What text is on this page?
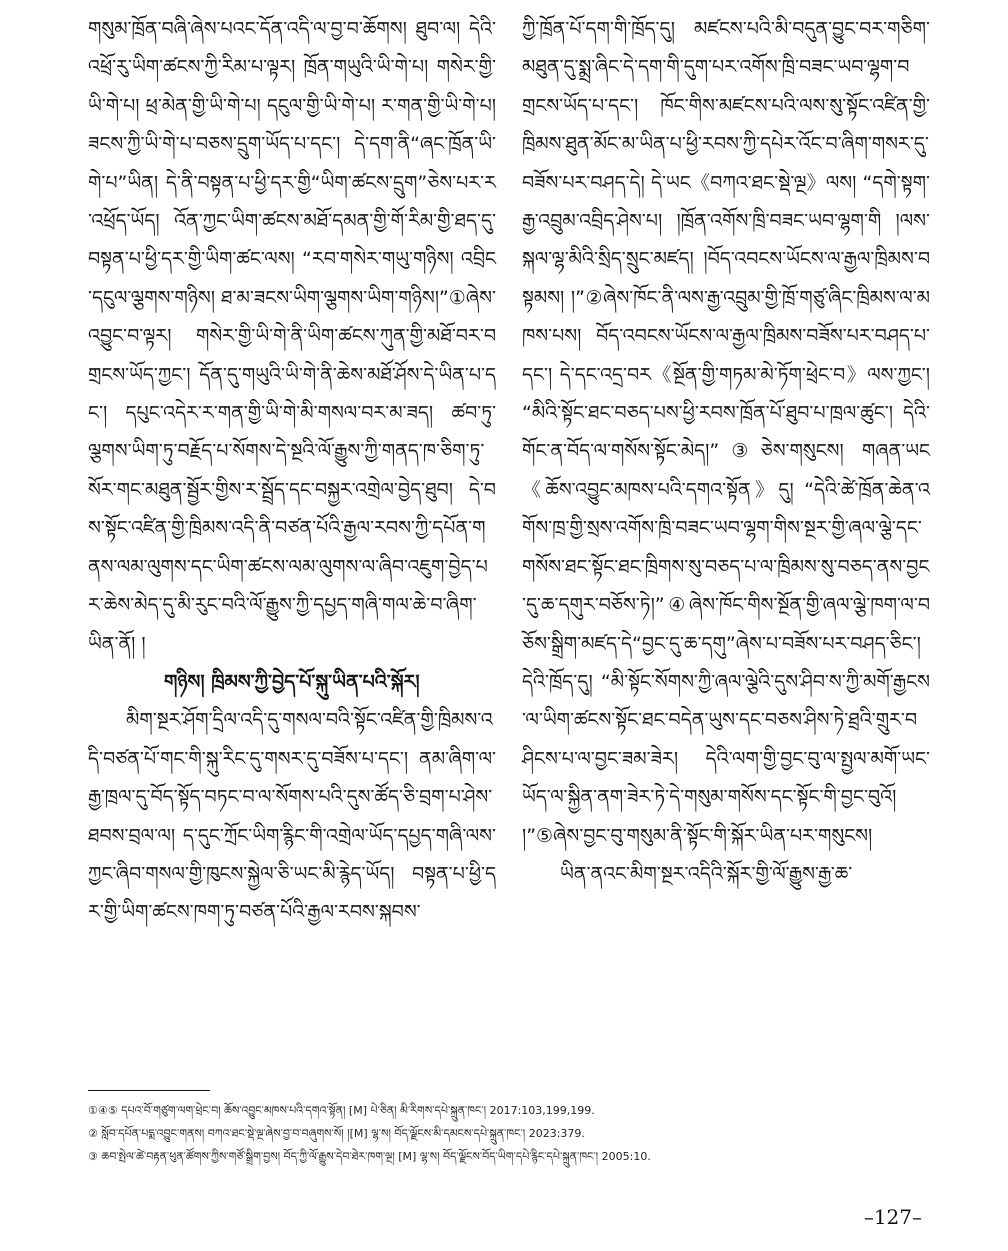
གསུམ་ཁྲོན་བཞི་ཞེས་པའང་དོན་འདི་ལ་བྱ་བ་ཆོགས། ཐུབ་ལ། དེའི་འཕྲོ་རུ་ཡིག་ཚངས་ཀྱི་རིམ་པ་ལྟར། ཁྲོན་གཡུའི་ཡི་གེ་པ། གསེར་གྱི་ཡི་གེ་པ། ཕྲ་མེན་གྱི་ཡི་གེ་པ། དངུལ་གྱི་ཡི་གེ་པ། ར་གན་གྱི་ཡི་གེ་པ། ཟངས་ཀྱི་ཡི་གེ་པ་བཅས་དྲུག་ཡོད་པ་དང་། དེ་དག་ནི“ཞང་ཁྲོན་ཡི་གེ་པ”ཡིན། དེ་ནི་བསྟན་པ་ཕྱི་དར་གྱི“ཡིག་ཚངས་དྲུག”ཅེས་པར་ར་འཕྲོད་ཡོད། འོན་ཀྱང་ཡིག་ཚངས་མཐོ་དམན་གྱི་གོ་རིམ་གྱི་ཐད་དུ་བསྟན་པ་ཕྱི་དར་གྱི་ཡིག་ཚང་ལས། “རབ་གསེར་གཡུ་གཉིས། འབྲིང་དངུལ་ལྕགས་གཉིས། ཐ་མ་ཟངས་ཡིག་ལྕགས་ཡིག་གཉིས།”①ཞེས་འབྱུང་བ་ལྟར། གསེར་གྱི་ཡི་གེ་ནི་ཡིག་ཚངས་ཀུན་གྱི་མཐོ་བར་བགྲངས་ཡོད་ཀྱང་། དོན་དུ་གཡུའི་ཡི་གེ་ནི་ཆེས་མཐོ་ཤོས་དེ་ཡིན་པ་དང་། དཔུང་འདེར་ར་གན་གྱི་ཡི་གེ་མི་གསལ་བར་མ་ཟད། ཚབ་ཏུ་ལྕགས་ཡིག་ཏུ་བརྗོད་པ་སོགས་དེ་སྔའི་ལོ་རྒྱུས་ཀྱི་གནད་ཁ་ཅིག་ཏུ་སོར་གང་མཐུན་སྦྱོར་གྱིས་ར་སྦྲོད་དང་བསྐྱར་འགྲེལ་བྱེད་ཐུབ། དེ་བས་སྟོང་འཛིན་གྱི་ཁྲིམས་འདི་ནི་བཙན་པོའི་རྒྱལ་རབས་ཀྱི་དཔོན་གནས་ལམ་ལུགས་དང་ཡིག་ཚངས་ལམ་ལུགས་ལ་ཞིབ་འཇུག་བྱེད་པར་ཆེས་མེད་དུ་མི་རུང་བའི་ལོ་རྒྱུས་ཀྱི་དཔྱད་གཞི་གལ་ཆེ་བ་ཞིག་ཡིན་ནོ། །

གཉིས། ཁྲིམས་ཀྱི་བྱེད་པོ་སྐུ་ཡིན་པའི་སྐོར།

མིག་སྔར་ཤོག་དྲིལ་འདི་དུ་གསལ་བའི་སྟོང་འཛིན་གྱི་ཁྲིམས་འདི་བཙན་པོ་གང་གི་སྐུ་རིང་དུ་གསར་དུ་བཟོས་པ་དང་། ནམ་ཞིག་ལ་རྒྱ་ཁྲལ་དུ་བོད་སྟོད་བཏང་བ་ལ་སོགས་པའི་དུས་ཚོད་ཅི་བྲག་པ་ཤེས་ཐབས་བྲལ་ལ། ད་དུང་ཀྲོང་ཡིག་རྙིང་གི་འགྲེལ་ཡོད་དཔྱད་གཞི་ལས་ཀྱང་ཞིབ་གསལ་གྱི་ཁུངས་སྐྱེལ་ཅི་ཡང་མི་རྙེད་ཡོད། བསྟན་པ་ཕྱི་དར་གྱི་ཡིག་ཚངས་ཁག་ཏུ་བཙན་པོའི་རྒྱལ་རབས་སྐབས་

ཀྱི་ཁྲོན་པོ་དག་གི་ཁྲོད་དུ། མཛངས་པའི་མི་བདུན་བྱུང་བར་གཅིག་མཐུན་དུ་སྨྲ་ཞིང་དེ་དག་གི་དུག་པར་འགོས་ཁྲི་བཟང་ཡབ་ལྷག་བགྲངས་ཡོད་པ་དང་། ཁོང་གིས་མཛངས་པའི་ལས་སུ་སྟོང་འཛིན་གྱི་ཁྲིམས་ཐུན་མོང་མ་ཡིན་པ་ཕྱི་རབས་ཀྱི་དཔེར་འོང་བ་ཞིག་གསར་དུ་བཟོས་པར་བཤད་དེ། དེ་ཡང《བཀའ་ཐང་སྡེ་ལྔ》ལས། “དགེ་སྟག་རྒྱ་འབྲུམ་འབྲིད་ཤེས་པ། །ཁྲོན་འགོས་ཁྲི་བཟང་ཡབ་ལྷག་གི །ལས་སྐལ་ལྷ་མིའི་སྲིད་སྲུང་མཛད། །བོད་འབངས་ཡོངས་ལ་རྒྱལ་ཁྲིམས་བསྟམས། །”②ཞེས་ཁོང་ནི་ལས་རྒྱ་འབྲུམ་གྱི་ཁྲོ་གཙུ་ཞིང་ཁྲིམས་ལ་མཁས་པས། བོད་འབངས་ཡོངས་ལ་རྒྱལ་ཁྲིམས་བཟོས་པར་བཤད་པ་དང་། དེ་དང་འདྲ་བར《སྔོན་གྱི་གཏམ་མེ་ཏོག་ཕྲེང་བ》ལས་ཀྱང་། “མིའི་སྟོང་ཐང་བཅད་པས་ཕྱི་རབས་ཁྲོན་པོ་ཐུབ་པ་ཁྲལ་ཚུང་། དེའི་གོང་ན་བོད་ལ་གསོས་སྟོང་མེད།”③ཅེས་གསུངས། གཞན་ཡང《ཆོས་འབྱུང་མཁས་པའི་དགའ་སྟོན》དུ། “དེའི་ཚེ་ཁྲོན་ཆེན་འགོས་ཁྲ་གྱི་སྲས་འགོས་ཁྲི་བཟང་ཡབ་ལྷག་གིས་སྔར་གྱི་ཞལ་ལྕེ་དང་གསོས་ཐང་སྟོང་ཐང་ཁྲིགས་སུ་བཅད་པ་ལ་ཁྲིམས་སུ་བཅད་ནས་བྱང་དུ་ཆ་དགུར་བཅོས་ཏེ།”④ཞེས་ཁོང་གིས་སྔོན་གྱི་ཞལ་ལྕེ་ཁག་ལ་བཅོས་སྒྲིག་མཛད་དེ“བྱང་དུ་ཆ་དགུ”ཞེས་པ་བཟོས་པར་བཤད་ཅིང་། དེའི་ཁྲོད་དུ། “མི་སྟོང་སོགས་ཀྱི་ཞལ་ལྕེའི་དུས་ཤིབ་ས་ཀྱི་མགོ་རྒྱངས་ལ་ཡིག་ཚངས་སྟོང་ཐང་བདེན་ཡུས་དང་བཅས་ཤིས་ཏེ་ཐྲའི་གྲུར་བཤིངས་པ་ལ་བྱང་ཟམ་ཟེར། དེའི་ལག་གྱི་བྱང་བུ་ལ་སྤྱལ་མགོ་ཡང་ཡོད་ལ་སྐྱིན་ནག་ཟེར་ཏེ་དེ་གསུམ་གསོས་དང་སྟོང་གི་བྱང་བུའོ། །”⑤ཞེས་བྱང་བུ་གསུམ་ནི་སྟོང་གི་སྐོར་ཡིན་པར་གསུངས།

ཡིན་ནའང་མིག་སྔར་འདིའི་སྐོར་གྱི་ལོ་རྒྱུས་རྒྱ་ཆ་

①④⑤ དཔའ་བོ་གཙུག་ལག་ཕྲེང་བ། ཆོས་འབྱུང་མཁས་པའི་དགའ་སྟོན། [M] པེ་ཅིན། མི་རིགས་དཔེ་སྐྲུན་ཁང་། 2017:103,199,199.
② སློབ་དཔོན་པདྨ་འབྱུང་གནས། བཀའ་ཐང་སྡེ་ལྔ་ཞེས་བྱ་བ་བཞུགས་སོ། །[M] ལྷ་ས། བོད་ལྗོངས་མི་དམངས་དཔེ་སྐྲུན་ཁང་། 2023:379.
③ ཆབ་སྤེལ་ཚེ་བརྟན་ཕུན་ཚོགས་ཀྱིས་གཙོ་སྒྲིག་བྱས། བོད་ཀྱི་ལོ་རྒྱུས་དེབ་ཐེར་ཁག་ལྔ། [M] ལྷ་ས། བོད་ལྗོངས་བོད་ཡིག་དཔེ་རྙིང་དཔེ་སྐྲུན་ཁང་། 2005:10.
–127–
